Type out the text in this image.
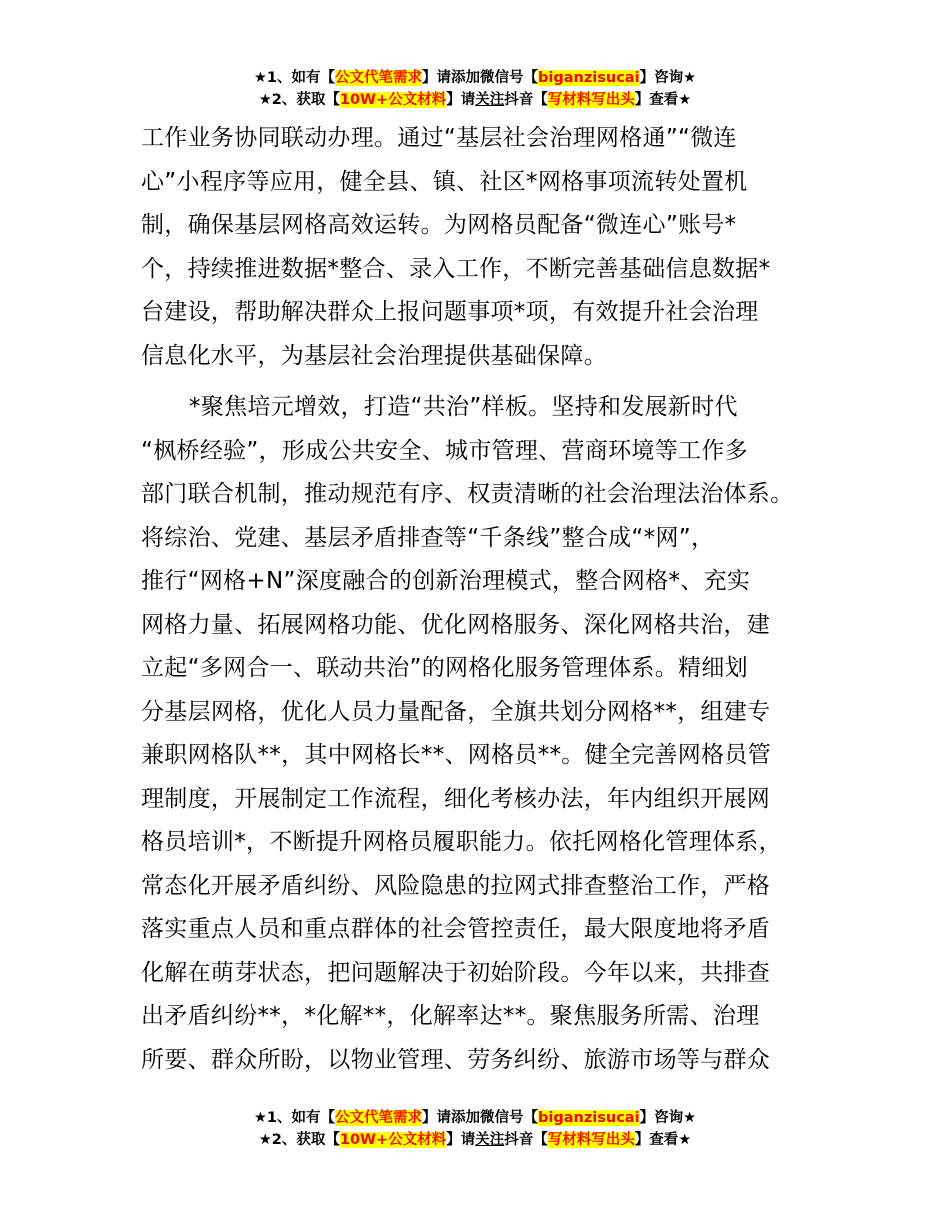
★1、如有【公文代笔需求】请添加微信号【biganzisucai】咨询★
★2、获取【10W+公文材料】请关注抖音【写材料写出头】查看★
工作业务协同联动办理。通过“基层社会治理网格通”“微连
心”小程序等应用，健全县、镇、社区*网格事项流转处置机
制，确保基层网格高效运转。为网格员配备“微连心”账号*
个，持续推进数据*整合、录入工作，不断完善基础信息数据*
台建设，帮助解决群众上报问题事项*项，有效提升社会治理
信息化水平，为基层社会治理提供基础保障。
*聚焦培元增效，打造“共治”样板。坚持和发展新时代
“枫桥经验”，形成公共安全、城市管理、营商环境等工作多
部门联合机制，推动规范有序、权责清晰的社会治理法治体系。
将综治、党建、基层矛盾排查等“千条线”整合成“*网”，
推行“网格+N”深度融合的创新治理模式，整合网格*、充实
网格力量、拓展网格功能、优化网格服务、深化网格共治，建
立起“多网合一、联动共治”的网格化服务管理体系。精细划
分基层网格，优化人员力量配备，全旗共划分网格**，组建专
兼职网格队**，其中网格长**、网格员**。健全完善网格员管
理制度，开展制定工作流程，细化考核办法，年内组织开展网
格员培训*，不断提升网格员履职能力。依托网格化管理体系，
常态化开展矛盾纠纷、风险隐患的拉网式排查整治工作，严格
落实重点人员和重点群体的社会管控责任，最大限度地将矛盾
化解在萌芽状态，把问题解决于初始阶段。今年以来，共排查
出矛盾纠纷**，*化解**，化解率达**。聚焦服务所需、治理
所要、群众所盼，以物业管理、劳务纠纷、旅游市场等与群众
★1、如有【公文代笔需求】请添加微信号【biganzisucai】咨询★
★2、获取【10W+公文材料】请关注抖音【写材料写出头】查看★
